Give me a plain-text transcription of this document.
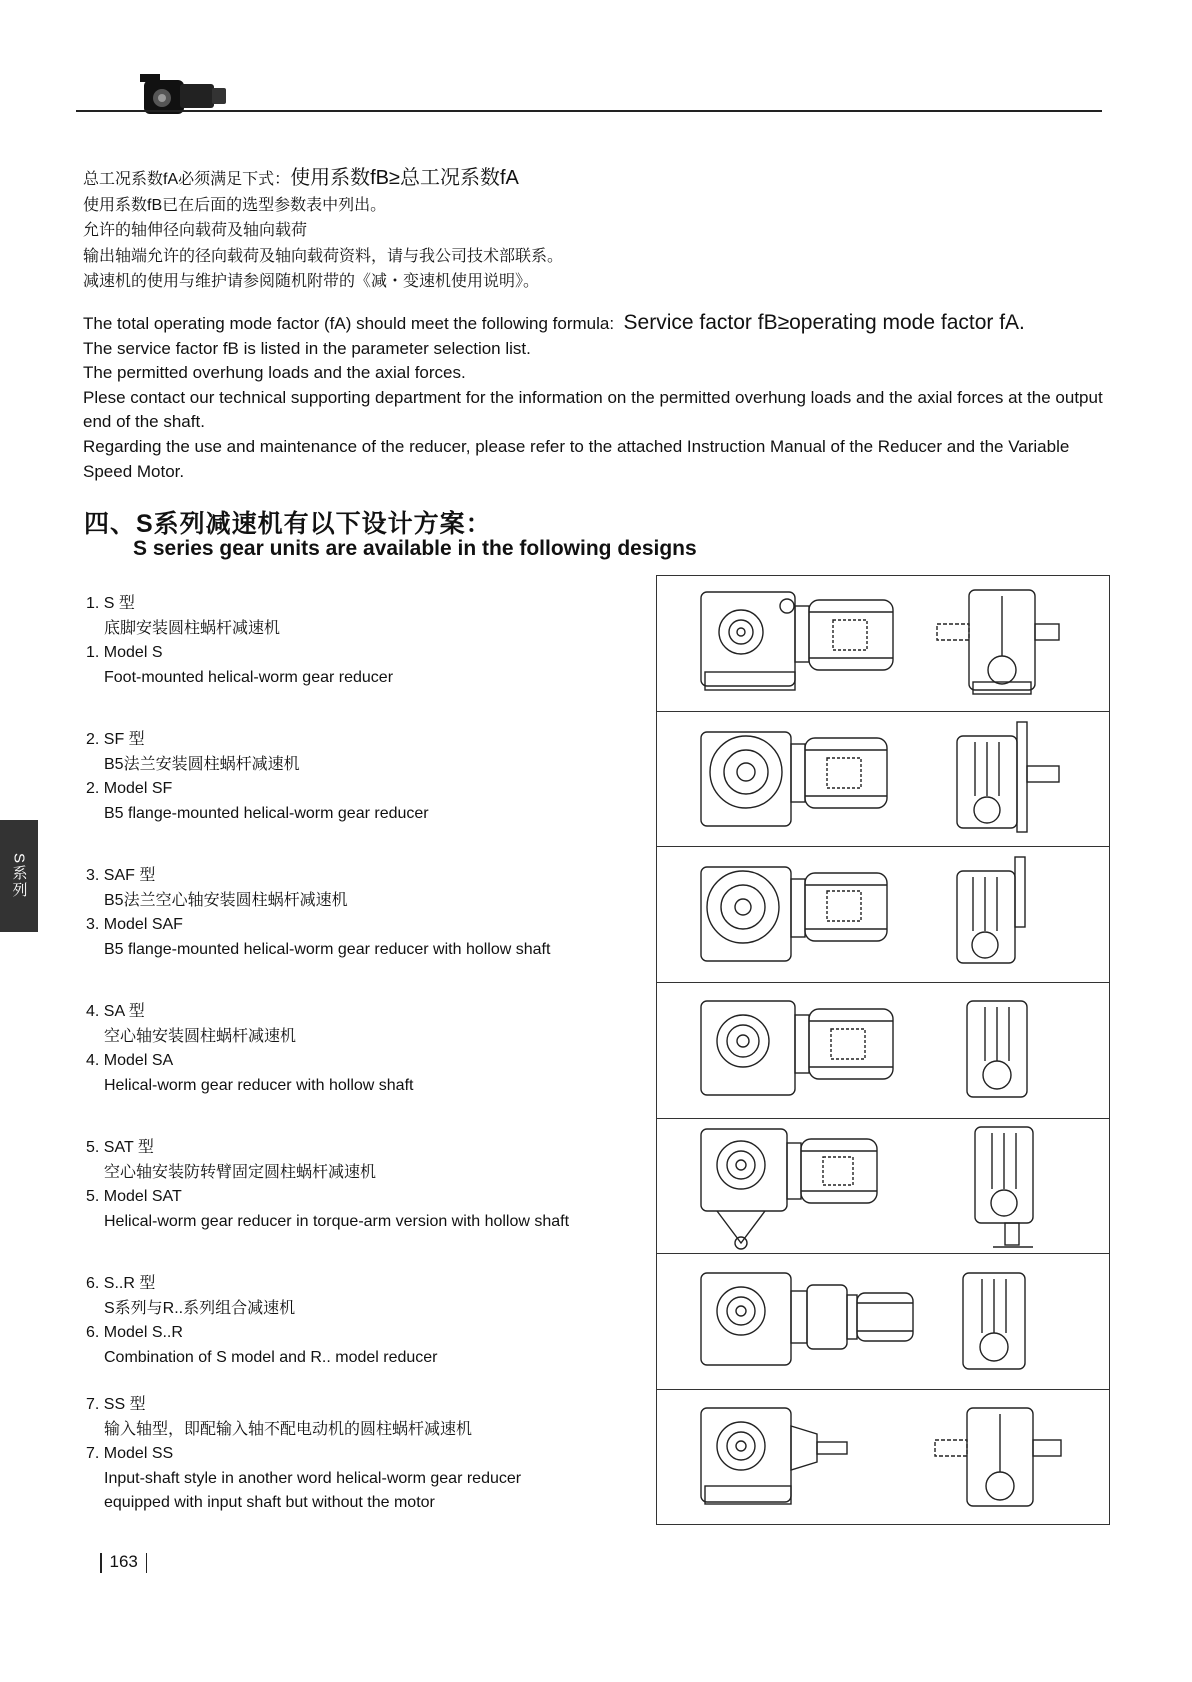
总工况系数fA必须满足下式：使用系数fB≥总工况系数fA
使用系数fB已在后面的选型参数表中列出。
允许的轴伸径向载荷及轴向载荷
输出轴端允许的径向载荷及轴向载荷资料，请与我公司技术部联系。
减速机的使用与维护请参阅随机附带的《减・变速机使用说明》。

The total operating mode factor (fA) should meet the following formula: Service factor fB≥operating mode factor fA.

The service factor fB is listed in the parameter selection list.

The permitted overhung loads and the axial forces.

Plese contact our technical supporting department for the information on the permitted overhung loads and the axial forces at the output end of the shaft.

Regarding the use and maintenance of the reducer, please refer to the attached Instruction Manual of the Reducer and the Variable Speed Motor.

四、S系列减速机有以下设计方案：
S series gear units are available in the following designs
S系列
1. S 型
底脚安装圆柱蜗杆减速机
1. Model S
Foot-mounted helical-worm gear reducer
2. SF 型
B5法兰安装圆柱蜗杆减速机
2. Model SF
B5 flange-mounted helical-worm gear reducer
3. SAF 型
B5法兰空心轴安装圆柱蜗杆减速机
3. Model SAF
B5 flange-mounted helical-worm gear reducer with hollow shaft
4. SA 型
空心轴安装圆柱蜗杆减速机
4. Model SA
Helical-worm gear reducer with hollow shaft
5. SAT 型
空心轴安装防转臂固定圆柱蜗杆减速机
5. Model SAT
Helical-worm gear reducer in torque-arm version with hollow shaft
6. S..R 型
S系列与R..系列组合减速机
6. Model S..R
Combination of S model and R.. model reducer
7. SS 型
输入轴型，即配输入轴不配电动机的圆柱蜗杆减速机
7. Model SS
Input-shaft style in another word helical-worm gear reducer
equipped with input shaft but without the motor
163
